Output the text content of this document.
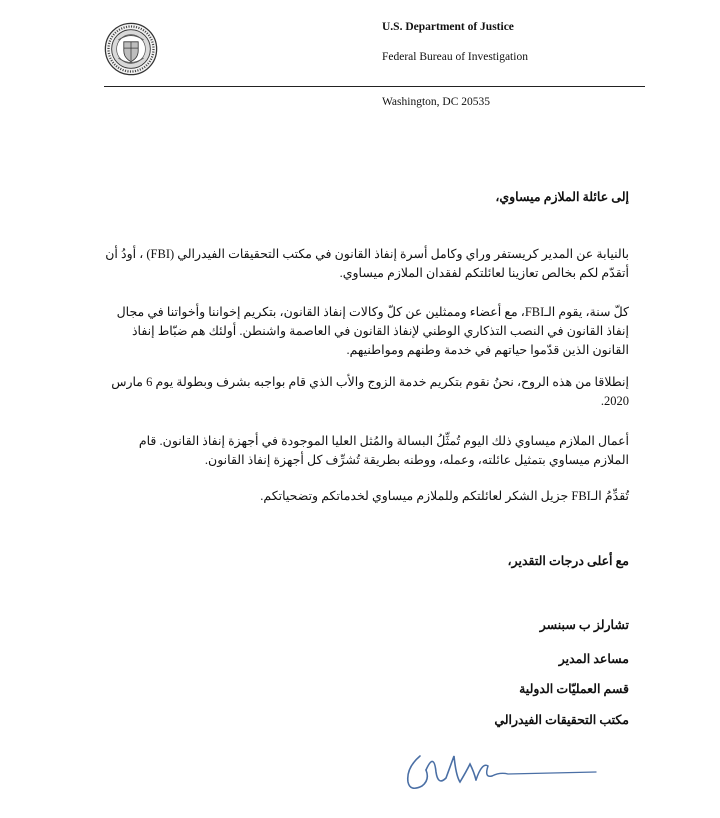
U.S. Department of Justice
Federal Bureau of Investigation
Washington, DC 20535
إلى عائلة الملازم ميساوي،

بالنيابة عن المدير كريستفر وراي وكامل أسرة إنفاذ القانون في مكتب التحقيقات الفيدرالي (FBI) ، أودُ أن أتقدّم لكم بخالص تعازينا لعائلتكم لفقدان الملازم ميساوي.

كلّ سنة، يقوم الـFBI، مع أعضاء وممثلين عن كلّ وكالات إنفاذ القانون، بتكريم إخواننا وأخواتنا في مجال إنفاذ القانون في النصب التذكاري الوطني لإنفاذ القانون في العاصمة واشنطن. أولئك هم ضبّاط إنفاذ القانون الذين قدّموا حياتهم في خدمة وطنهم ومواطنيهم.

إنطلاقا من هذه الروح، نحنُ نقوم بتكريم خدمة الزوج والأب الذي قام بواجبه بشرف وبطولة يوم 6 مارس 2020.

أعمال الملازم ميساوي ذلك اليوم تُمثِّلُ البسالة والمُثل العليا الموجودة في أجهزة إنفاذ القانون. قام الملازم ميساوي بتمثيل عائلته، وعمله، ووطنه بطريقة تُشرِّف كل أجهزة إنفاذ القانون.

تُقدِّمُ الـFBI جزيل الشكر لعائلتكم وللملازم ميساوي لخدماتكم وتضحياتكم.

مع أعلى درجات التقدير،
تشارلز ب سبنسر
مساعد المدير
قسم العمليّات الدولية
مكتب التحقيقات الفيدرالي
